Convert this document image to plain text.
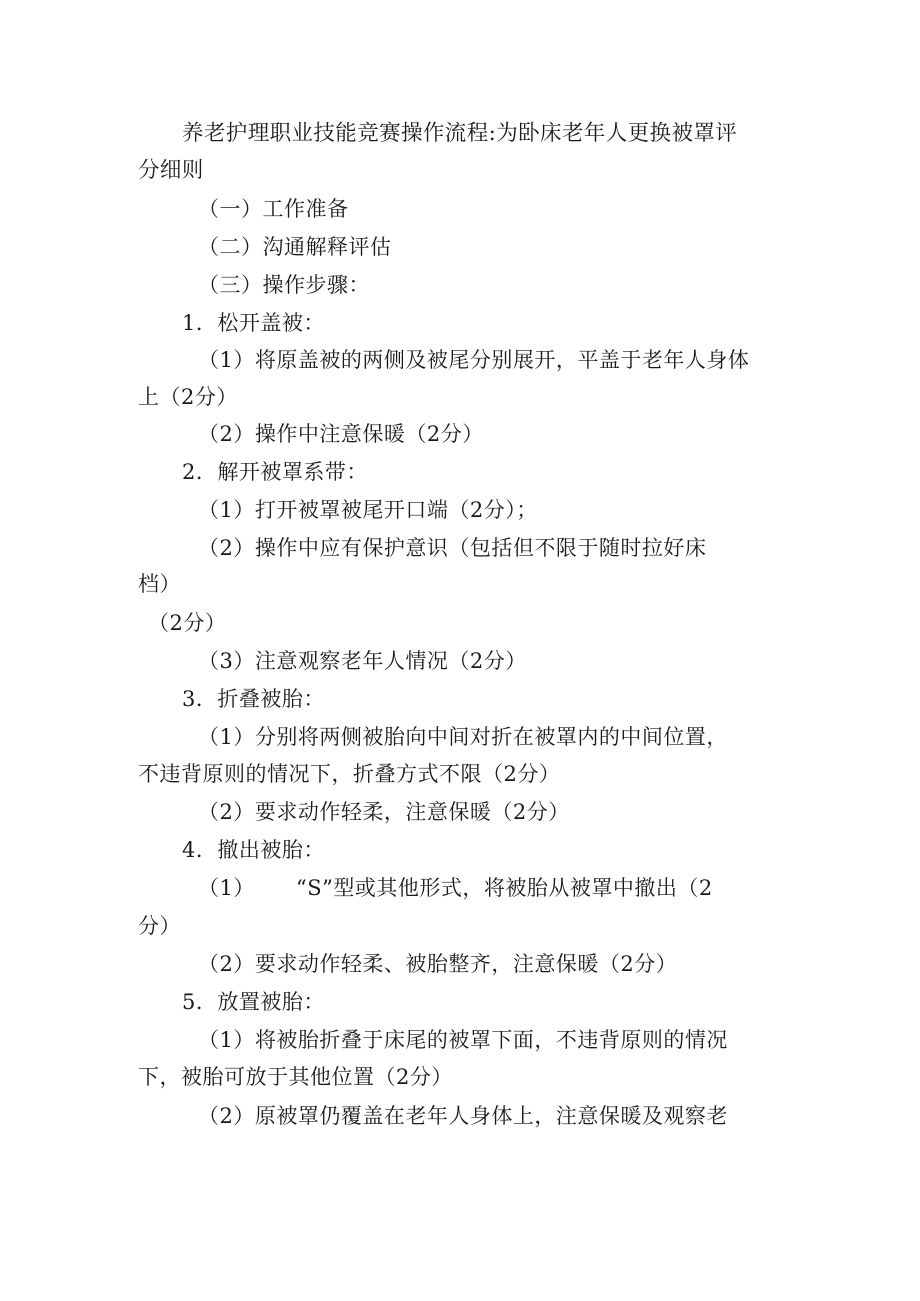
养老护理职业技能竞赛操作流程:为卧床老年人更换被罩评
分细则
（一）工作准备
（二）沟通解释评估
（三）操作步骤：
1．松开盖被：
（1）将原盖被的两侧及被尾分别展开，平盖于老年人身体
上（2分）
（2）操作中注意保暖（2分）
2．解开被罩系带：
（1）打开被罩被尾开口端（2分）；
（2）操作中应有保护意识（包括但不限于随时拉好床
档）
（2分）
（3）注意观察老年人情况（2分）
3．折叠被胎：
（1）分别将两侧被胎向中间对折在被罩内的中间位置，
不违背原则的情况下，折叠方式不限（2分）
（2）要求动作轻柔，注意保暖（2分）
4．撤出被胎：
（1） “S”型或其他形式，将被胎从被罩中撤出（2
分）
（2）要求动作轻柔、被胎整齐，注意保暖（2分）
5．放置被胎：
（1）将被胎折叠于床尾的被罩下面，不违背原则的情况
下，被胎可放于其他位置（2分）
（2）原被罩仍覆盖在老年人身体上，注意保暖及观察老
